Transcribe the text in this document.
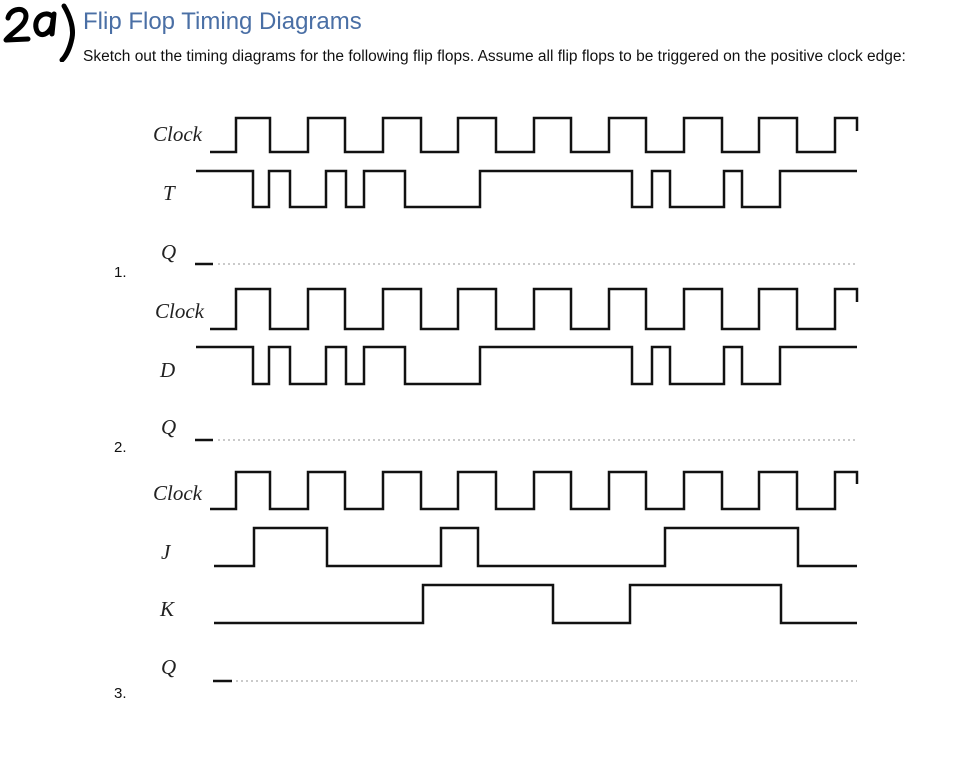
Flip Flop Timing Diagrams
Sketch out the timing diagrams for the following flip flops. Assume all flip flops to be triggered on the positive clock edge:
1.
2.
3.
Clock
T
Q
Clock
D
Q
Clock
J
K
Q
